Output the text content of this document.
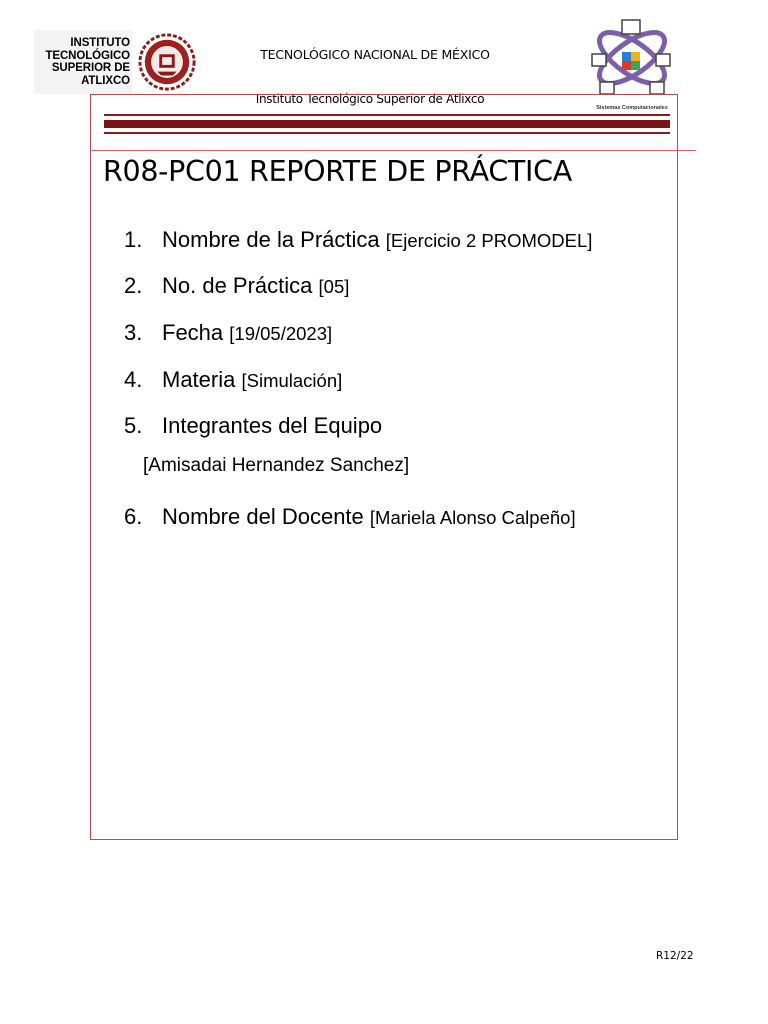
INSTITUTO
TECNOLÓGICO
SUPERIOR DE
ATLIXCO
TECNOLÓGICO NACIONAL DE MÉXICO
Sistemas Computacionales
Instituto Tecnológico Superior de Atlixco
R08-PC01 REPORTE DE PRÁCTICA
1. Nombre de la Práctica [Ejercicio 2 PROMODEL]
2. No. de Práctica [05]
3. Fecha [19/05/2023]
4. Materia [Simulación]
5. Integrantes del Equipo
[Amisadai Hernandez Sanchez]
6. Nombre del Docente [Mariela Alonso Calpeño]
R12/22
